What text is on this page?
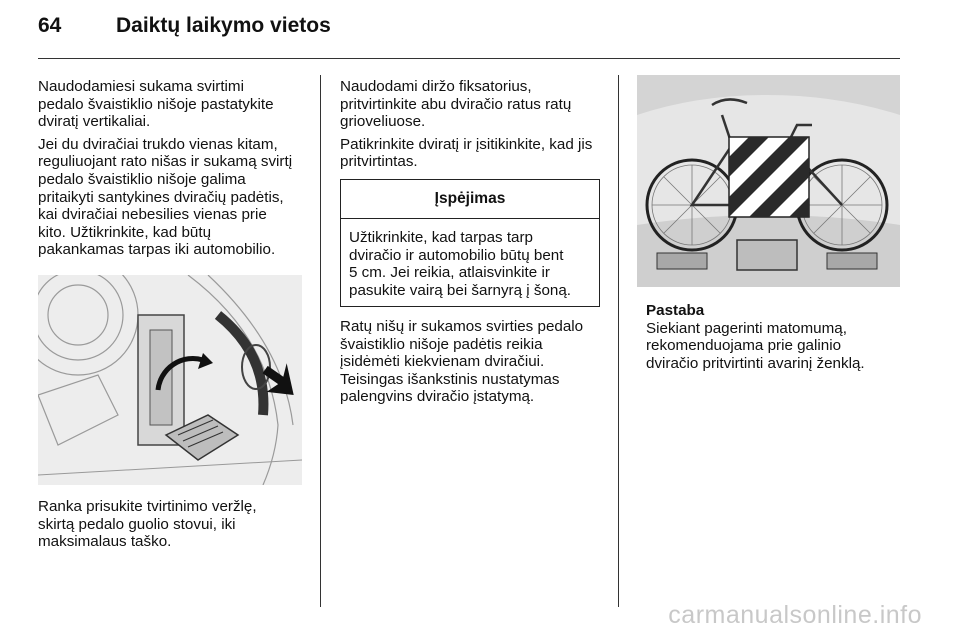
64	Daiktų laikymo vietos

Naudodamiesi sukama svirtimi
pedalo švaistiklio nišoje pastatykite
dviratį vertikaliai.

Jei du dviračiai trukdo vienas kitam,
reguliuojant rato nišas ir sukamą svirtį
pedalo švaistiklio nišoje galima
pritaikyti santykines dviračių padėtis,
kai dviračiai nebesilies vienas prie
kito. Užtikrinkite, kad būtų
pakankamas tarpas iki automobilio.

Ranka prisukite tvirtinimo veržlę,
skirtą pedalo guolio stovui, iki
maksimalaus taško.

Naudodami diržo fiksatorius,
pritvirtinkite abu dviračio ratus ratų
grioveliuose.

Patikrinkite dviratį ir įsitikinkite, kad jis
pritvirtintas.

Įspėjimas
Užtikrinkite, kad tarpas tarp
dviračio ir automobilio būtų bent
5 cm. Jei reikia, atlaisvinkite ir
pasukite vairą bei šarnyrą į šoną.

Ratų nišų ir sukamos svirties pedalo
švaistiklio nišoje padėtis reikia
įsidėmėti kiekvienam dviračiui.
Teisingas išankstinis nustatymas
palengvins dviračio įstatymą.

Pastaba
Siekiant pagerinti matomumą,
rekomenduojama prie galinio
dviračio pritvirtinti avarinį ženklą.
carmanualsonline.info
